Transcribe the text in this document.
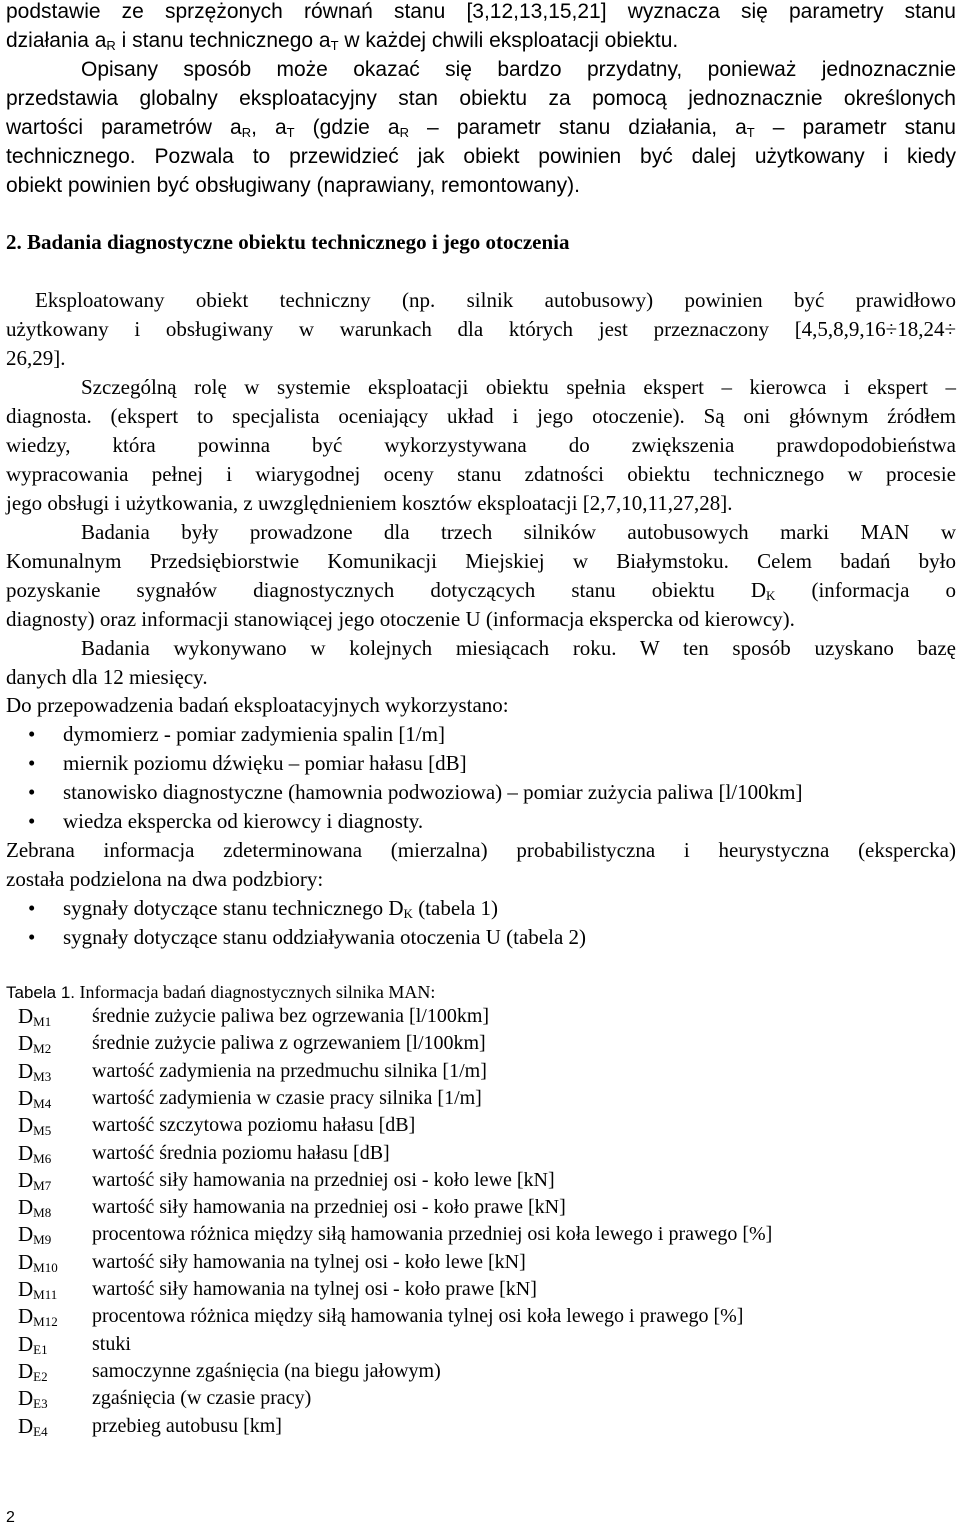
podstawie ze sprzężonych równań stanu [3,12,13,15,21] wyznacza się parametry stanu
działania $a_R$ i stanu technicznego $a_T$ w każdej chwili eksploatacji obiektu.
Opisany sposób może okazać się bardzo przydatny, ponieważ jednoznacznie
przedstawia globalny eksploatacyjny stan obiektu za pomocą jednoznacznie określonych
wartości parametrów $a_R$, $a_T$ (gdzie $a_R$ – parametr stanu działania, $a_T$ – parametr stanu
technicznego. Pozwala to przewidzieć jak obiekt powinien być dalej użytkowany i kiedy
obiekt powinien być obsługiwany (naprawiany, remontowany).
2. Badania diagnostyczne obiektu technicznego i jego otoczenia
Eksploatowany obiekt techniczny (np. silnik autobusowy) powinien być prawidłowo
użytkowany i obsługiwany w warunkach dla których jest przeznaczony [4,5,8,9,16÷18,24÷
26,29].
Szczególną rolę w systemie eksploatacji obiektu spełnia ekspert – kierowca i ekspert –
diagnosta. (ekspert to specjalista oceniający układ i jego otoczenie). Są oni głównym źródłem
wiedzy, która powinna być wykorzystywana do zwiększenia prawdopodobieństwa
wypracowania pełnej i wiarygodnej oceny stanu zdatności obiektu technicznego w procesie
jego obsługi i użytkowania, z uwzględnieniem kosztów eksploatacji [2,7,10,11,27,28].
Badania były prowadzone dla trzech silników autobusowych marki MAN w
Komunalnym Przedsiębiorstwie Komunikacji Miejskiej w Białymstoku. Celem badań było
pozyskanie sygnałów diagnostycznych dotyczących stanu obiektu $D_K$ (informacja o
diagnosty) oraz informacji stanowiącej jego otoczenie U (informacja ekspercka od kierowcy).
Badania wykonywano w kolejnych miesiącach roku. W ten sposób uzyskano bazę
danych dla 12 miesięcy.
Do przepowadzenia badań eksploatacyjnych wykorzystano:
• dymomierz - pomiar zadymienia spalin [1/m]
• miernik poziomu dźwięku – pomiar hałasu [dB]
• stanowisko diagnostyczne (hamownia podwoziowa) – pomiar zużycia paliwa [l/100km]
• wiedza ekspercka od kierowcy i diagnosty.
Zebrana informacja zdeterminowana (mierzalna) probabilistyczna i heurystyczna (ekspercka)
została podzielona na dwa podzbiory:
• sygnały dotyczące stanu technicznego $D_K$ (tabela 1)
• sygnały dotyczące stanu oddziaływania otoczenia U (tabela 2)
Tabela 1. Informacja badań diagnostycznych silnika MAN:
$D_{M1}$	średnie zużycie paliwa bez ogrzewania [l/100km]
$D_{M2}$	średnie zużycie paliwa z ogrzewaniem [l/100km]
$D_{M3}$	wartość zadymienia na przedmuchu silnika [1/m]
$D_{M4}$	wartość zadymienia w czasie pracy silnika [1/m]
$D_{M5}$	wartość szczytowa poziomu hałasu [dB]
$D_{M6}$	wartość średnia poziomu hałasu [dB]
$D_{M7}$	wartość siły hamowania na przedniej osi - koło lewe [kN]
$D_{M8}$	wartość siły hamowania na przedniej osi - koło prawe [kN]
$D_{M9}$	procentowa różnica między siłą hamowania przedniej osi koła lewego i prawego [%]
$D_{M10}$	wartość siły hamowania na tylnej osi - koło lewe [kN]
$D_{M11}$	wartość siły hamowania na tylnej osi - koło prawe [kN]
$D_{M12}$	procentowa różnica między siłą hamowania tylnej osi koła lewego i prawego [%]
$D_{E1}$	stuki
$D_{E2}$	samoczynne zgaśnięcia (na biegu jałowym)
$D_{E3}$	zgaśnięcia (w czasie pracy)
$D_{E4}$	przebieg autobusu [km]
2
